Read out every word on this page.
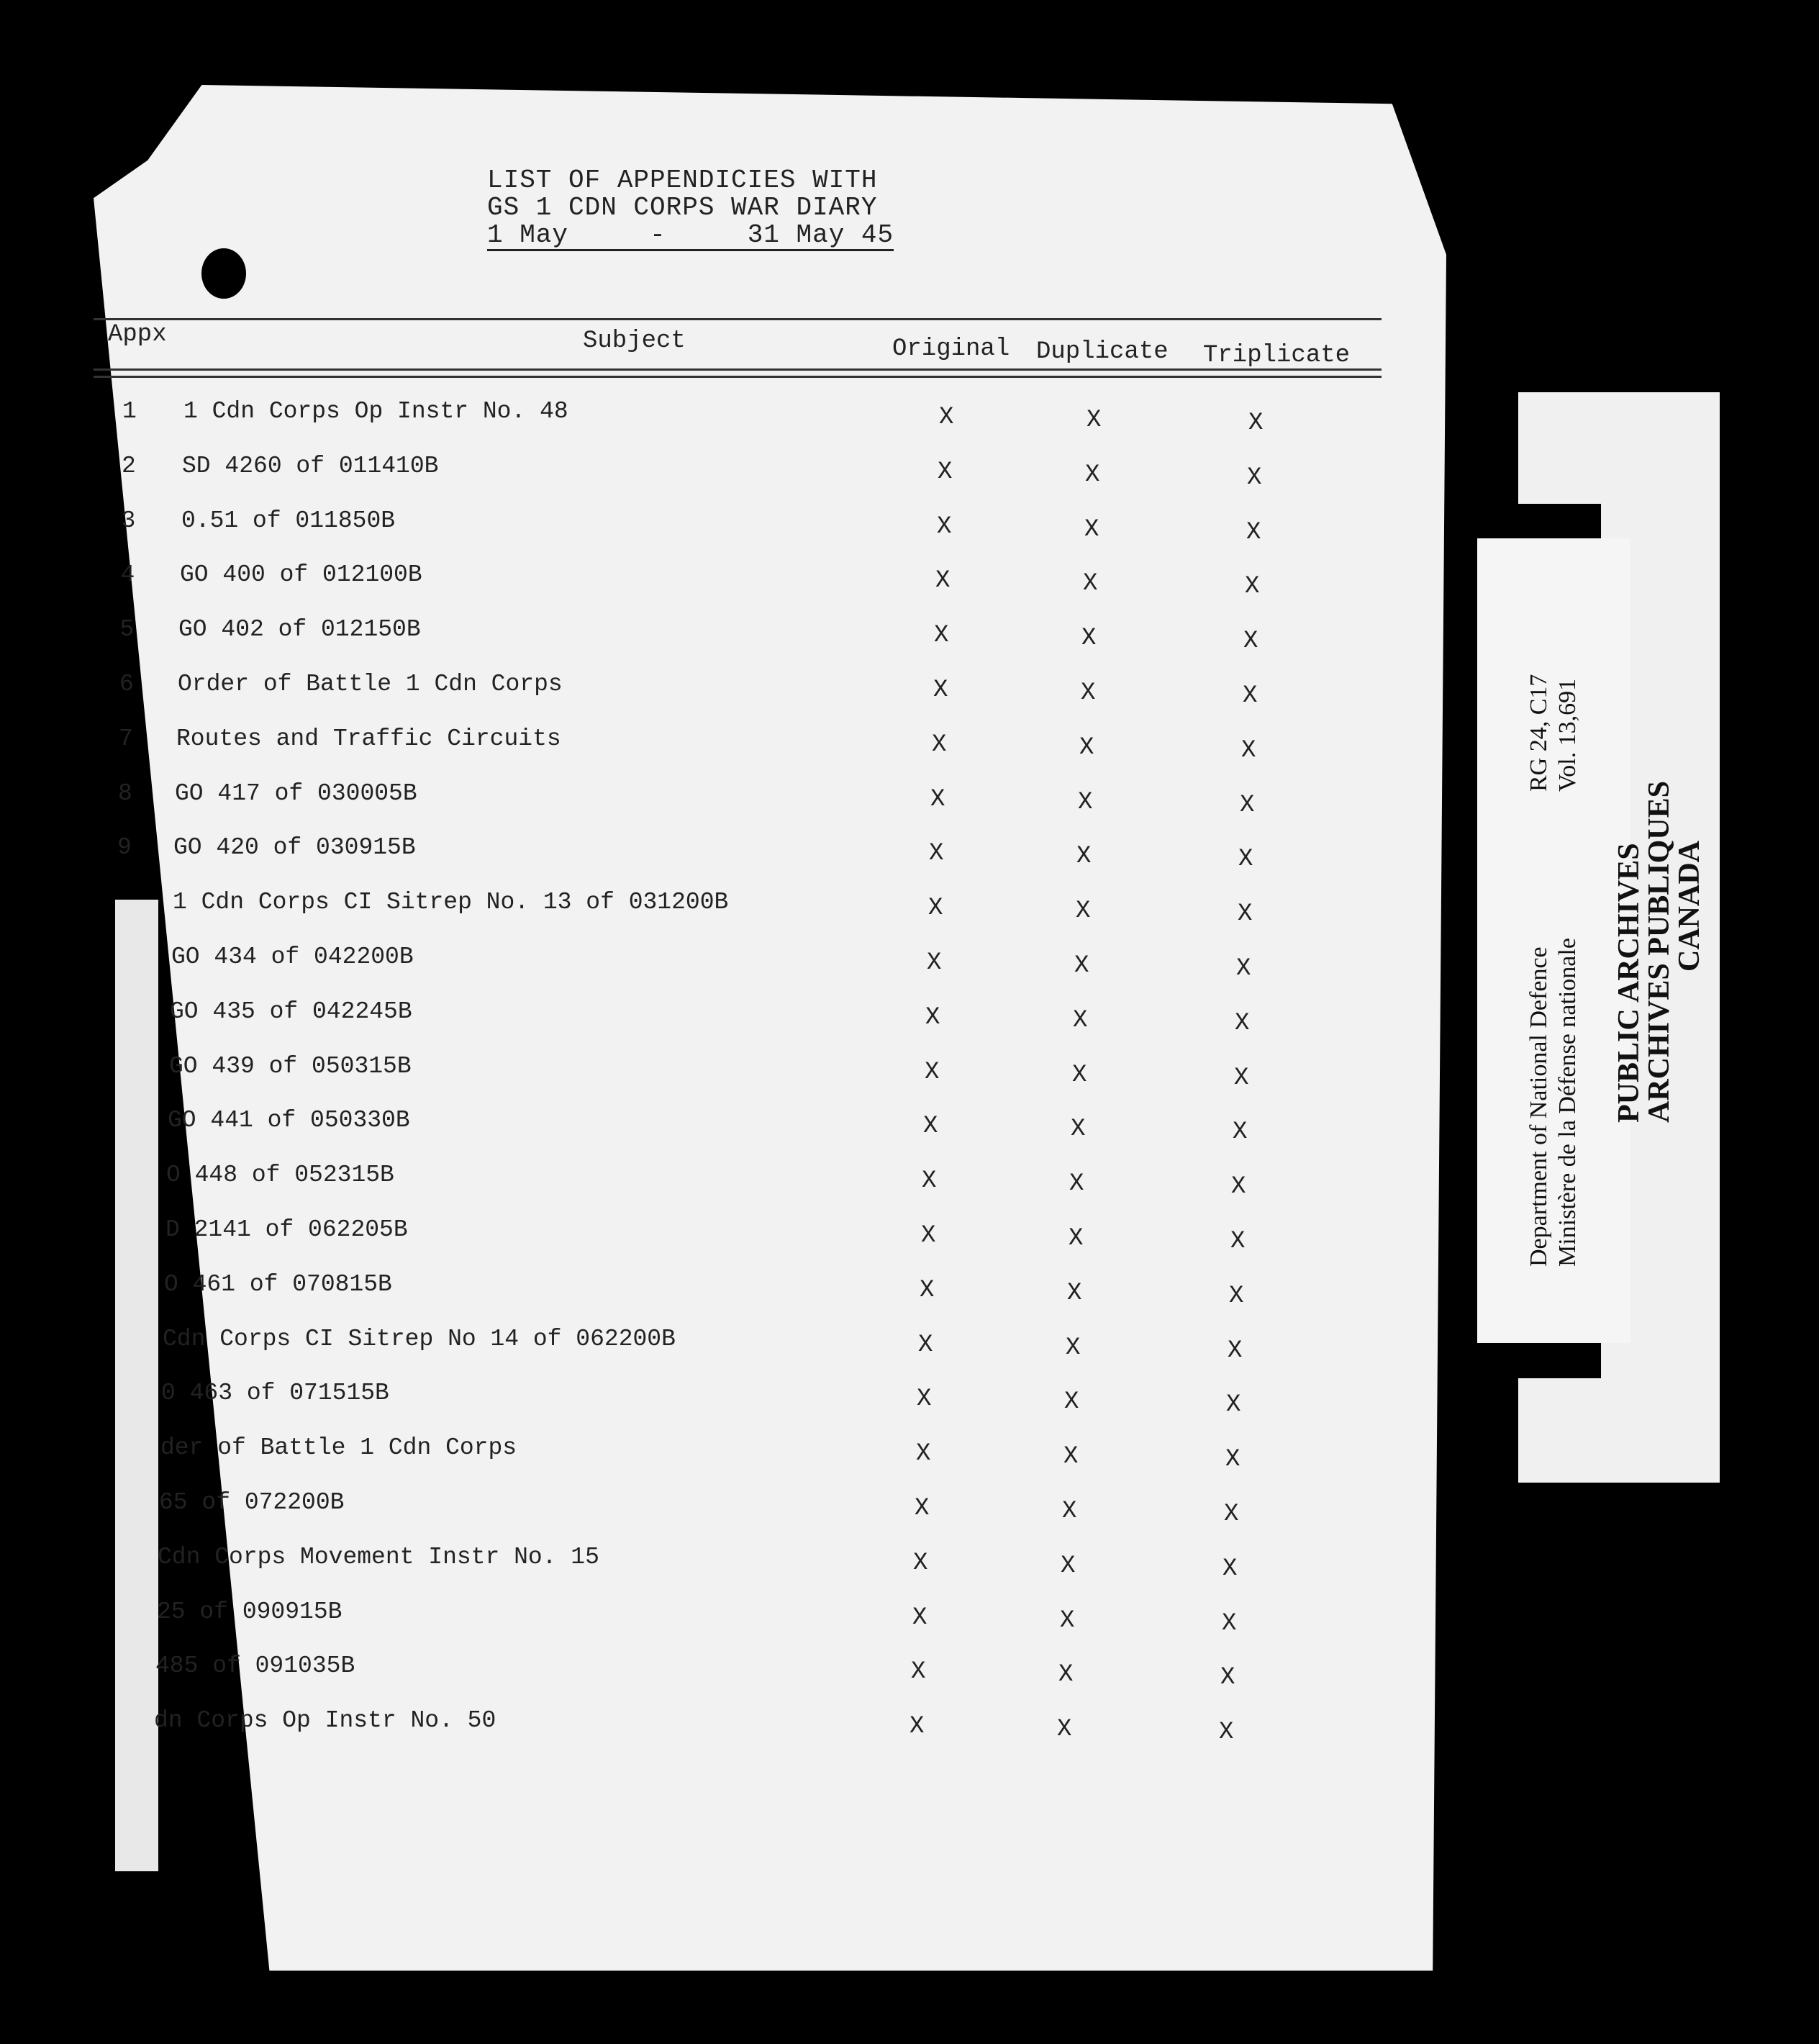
LIST OF APPENDICIES WITH
GS 1 CDN CORPS WAR DIARY
1 May	-	31 May 45
Appx	Subject	Original Duplicate Triplicate
1 1 Cdn Corps Op Instr No. 48	X	X	X
2 SD 4260 of 011410B	X	X	X
3 0.51 of 011850B	X	X	X
4 GO 400 of 012100B	X	X	X
5 GO 402 of 012150B	X	X	X
6 Order of Battle 1 Cdn Corps	X	X	X
7 Routes and Traffic Circuits	X	X	X
8 GO 417 of 030005B	X	X	X
9 GO 420 of 030915B	X	X	X
1 Cdn Corps CI Sitrep No. 13 of 031200B	X	X	X
GO 434 of 042200B	X	X	X
GO 435 of 042245B	X	X	X
GO 439 of 050315B	X	X	X
GO 441 of 050330B	X	X	X
O 448 of 052315B	X	X	X
D 2141 of 062205B	X	X	X
O 461 of 070815B	X	X	X
Cdn Corps CI Sitrep No 14 of 062200B	X	X	X
0 463 of 071515B	X	X	X
der of Battle 1 Cdn Corps	X	X	X
65 of 072200B	X	X	X
Cdn Corps Movement Instr No. 15	X	X	X
25 of 090915B	X	X	X
485 of 091035B	X	X	X
dn Corps Op Instr No. 50	X	X	X
RG 24, C17 Vol. 13,691
Department of National Defence Ministère de la Défense nationale PUBLIC ARCHIVES
ARCHIVES PUBLIQUES
CANADA
